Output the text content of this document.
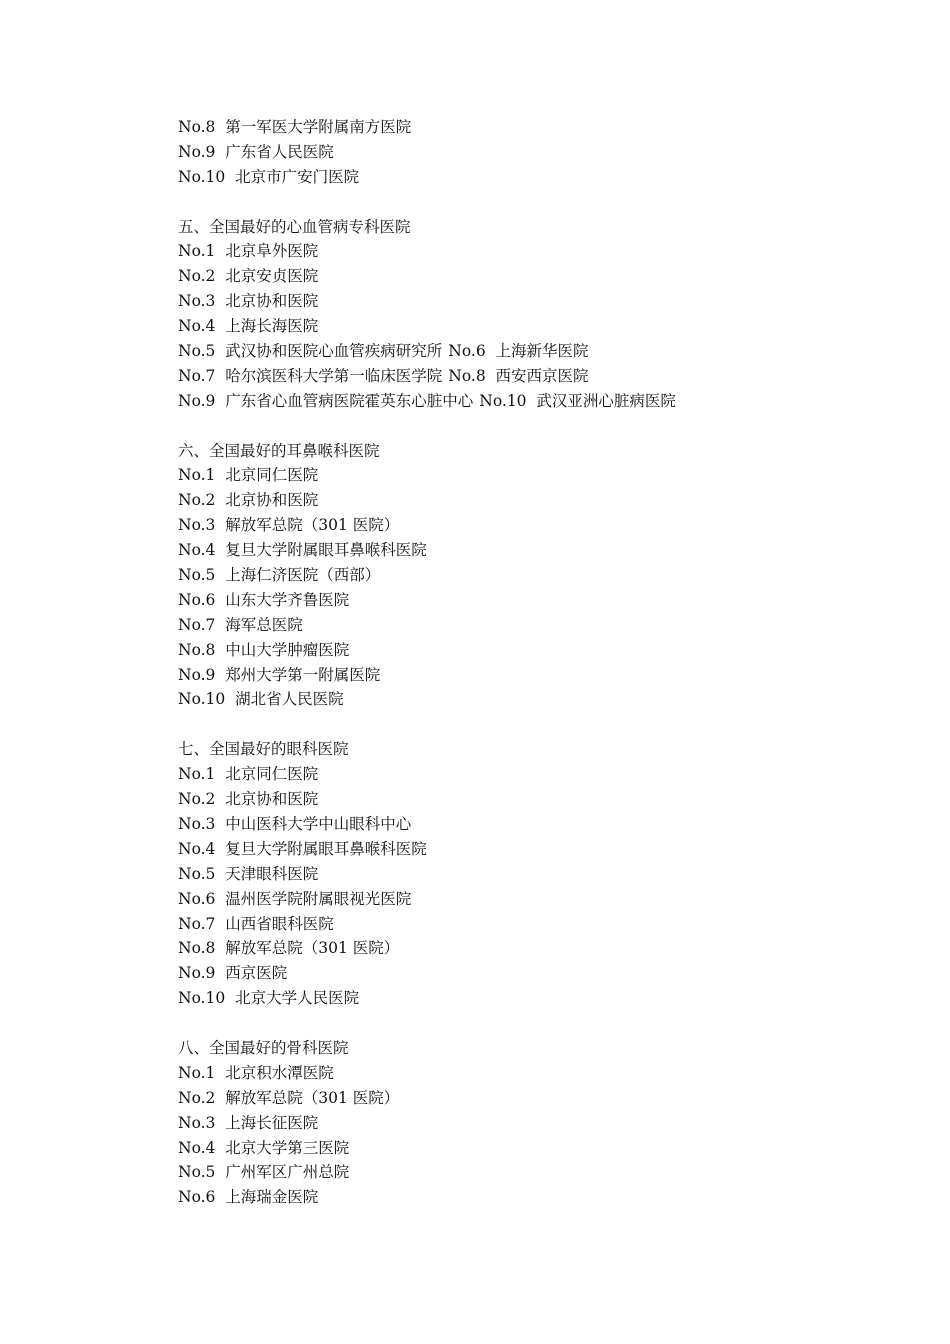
No.8  第一军医大学附属南方医院
No.9  广东省人民医院
No.10  北京市广安门医院
五、全国最好的心血管病专科医院
No.1  北京阜外医院
No.2  北京安贞医院
No.3  北京协和医院
No.4  上海长海医院
No.5  武汉协和医院心血管疾病研究所 No.6  上海新华医院
No.7  哈尔滨医科大学第一临床医学院 No.8  西安西京医院
No.9  广东省心血管病医院霍英东心脏中心 No.10  武汉亚洲心脏病医院
六、全国最好的耳鼻喉科医院
No.1  北京同仁医院
No.2  北京协和医院
No.3  解放军总院（301 医院）
No.4  复旦大学附属眼耳鼻喉科医院
No.5  上海仁济医院（西部）
No.6  山东大学齐鲁医院
No.7  海军总医院
No.8  中山大学肿瘤医院
No.9  郑州大学第一附属医院
No.10  湖北省人民医院
七、全国最好的眼科医院
No.1  北京同仁医院
No.2  北京协和医院
No.3  中山医科大学中山眼科中心
No.4  复旦大学附属眼耳鼻喉科医院
No.5  天津眼科医院
No.6  温州医学院附属眼视光医院
No.7  山西省眼科医院
No.8  解放军总院（301 医院）
No.9  西京医院
No.10  北京大学人民医院
八、全国最好的骨科医院
No.1  北京积水潭医院
No.2  解放军总院（301 医院）
No.3  上海长征医院
No.4  北京大学第三医院
No.5  广州军区广州总院
No.6  上海瑞金医院
